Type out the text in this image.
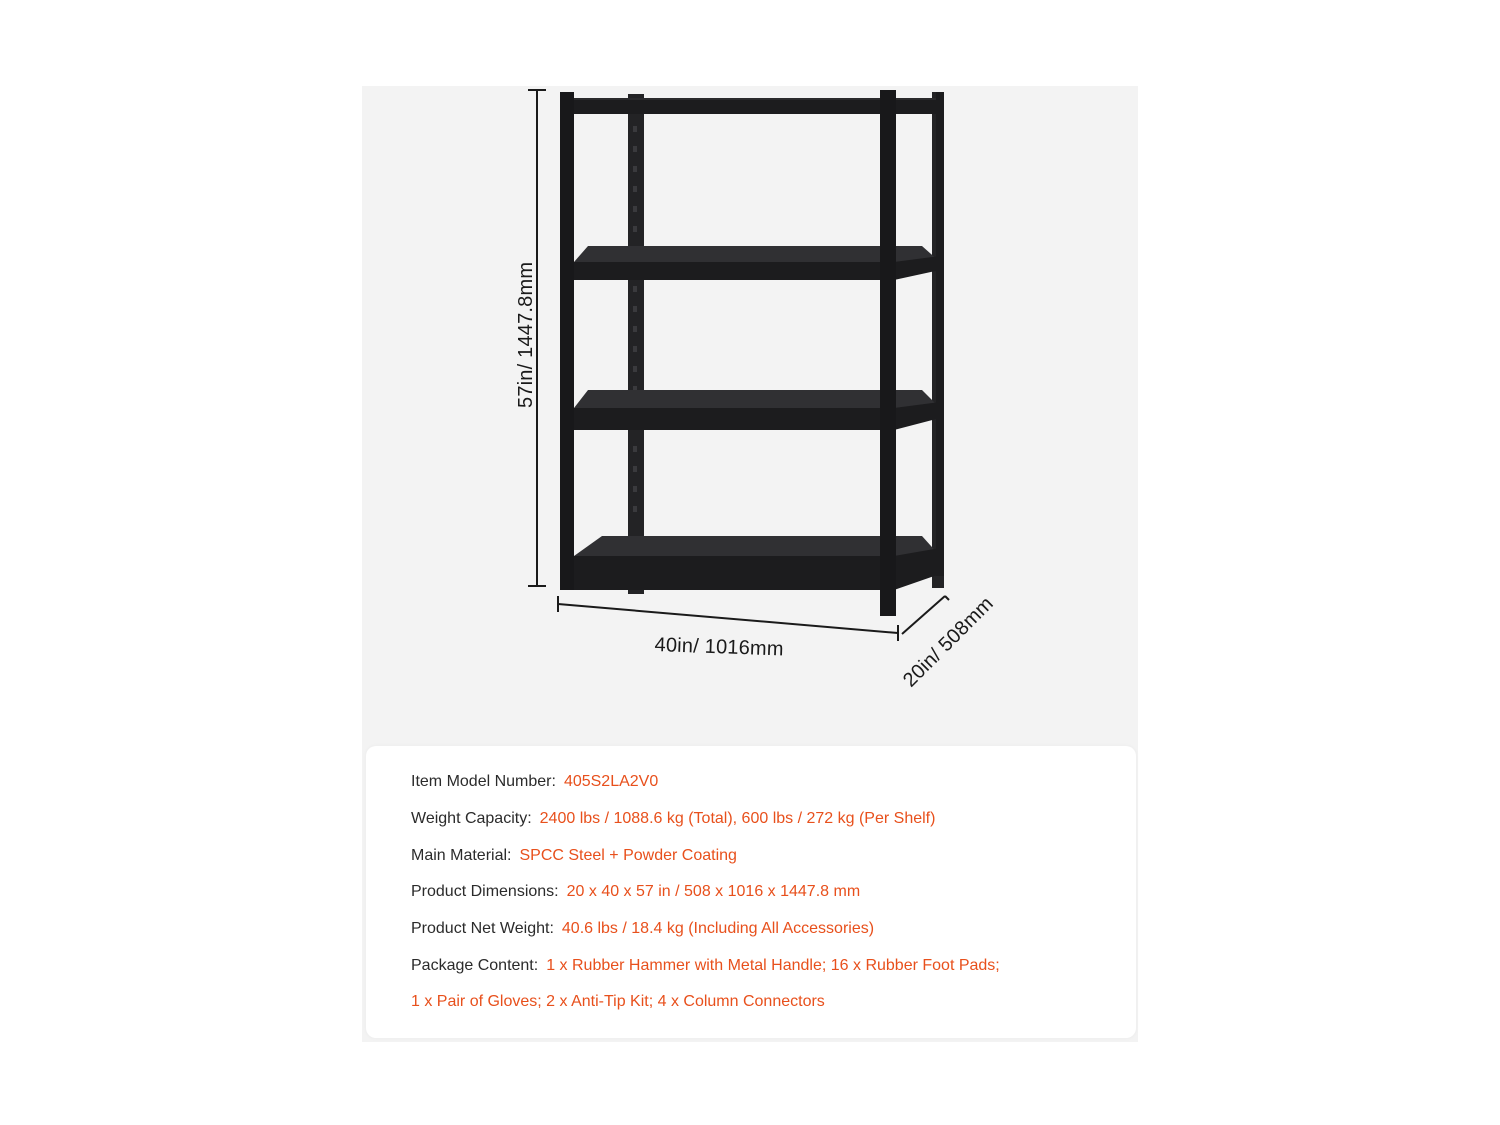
57in/ 1447.8mm
40in/ 1016mm	20in/ 508mm
Item Model Number: 405S2LA2V0
Weight Capacity: 2400 lbs / 1088.6 kg (Total), 600 lbs / 272 kg (Per Shelf)
Main Material: SPCC Steel + Powder Coating
Product Dimensions: 20 x 40 x 57 in / 508 x 1016 x 1447.8 mm
Product Net Weight: 40.6 lbs / 18.4 kg (Including All Accessories)
Package Content: 1 x Rubber Hammer with Metal Handle; 16 x Rubber Foot Pads;
1 x Pair of Gloves; 2 x Anti-Tip Kit; 4 x Column Connectors
